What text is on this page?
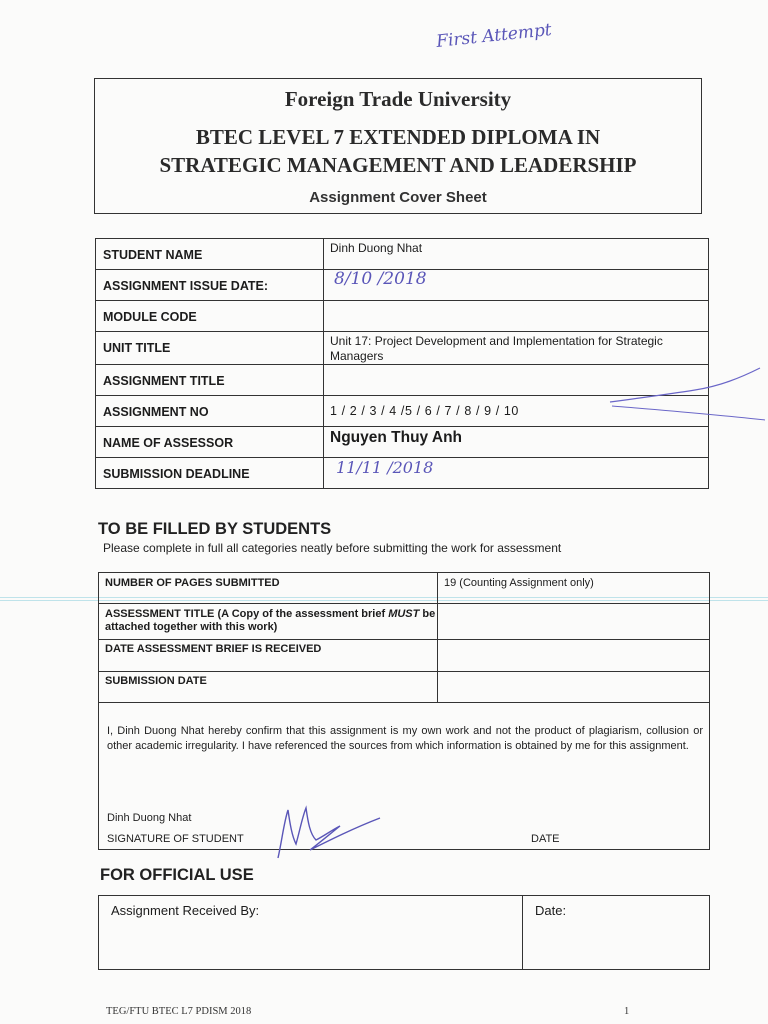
First Attempt
Foreign Trade University
BTEC LEVEL 7 EXTENDED DIPLOMA IN
STRATEGIC MANAGEMENT AND LEADERSHIP
Assignment Cover Sheet
STUDENT NAME	Dinh Duong Nhat
ASSIGNMENT ISSUE DATE:	8/10 /2018
MODULE CODE	
UNIT TITLE	Unit 17: Project Development and Implementation for Strategic Managers
ASSIGNMENT TITLE	
ASSIGNMENT NO	1 / 2 / 3 / 4 /5 / 6 / 7 / 8 / 9 / 10
NAME OF ASSESSOR	Nguyen Thuy Anh
SUBMISSION DEADLINE	11/11 /2018
TO BE FILLED BY STUDENTS
Please complete in full all categories neatly before submitting the work for assessment
NUMBER OF PAGES SUBMITTED	19 (Counting Assignment only)
ASSESSMENT TITLE (A Copy of the assessment brief MUST be attached together with this work)	
DATE ASSESSMENT BRIEF IS RECEIVED	
SUBMISSION DATE	
I, Dinh Duong Nhat hereby confirm that this assignment is my own work and not the product of plagiarism, collusion or other academic irregularity. I have referenced the sources from which information is obtained by me for this assignment.
Dinh Duong Nhat
SIGNATURE OF STUDENT	DATE
FOR OFFICIAL USE
Assignment Received By:	Date:
TEG/FTU BTEC L7 PDISM 2018	1
